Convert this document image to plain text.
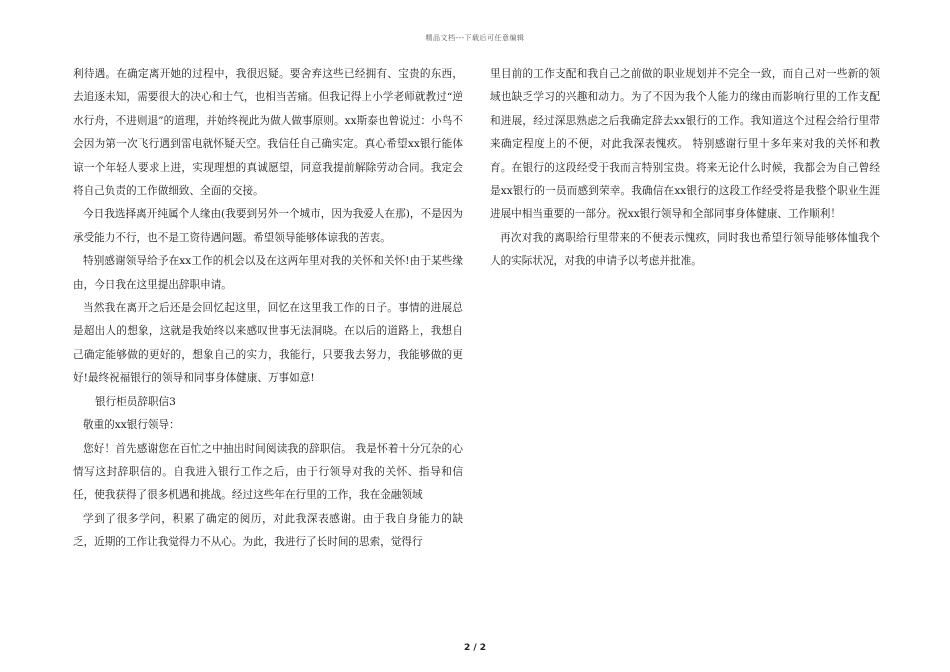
精品文档---下载后可任意编辑

利待遇。在确定离开她的过程中，我很迟疑。要舍弃这些已经拥有、宝贵的东西，去追逐未知，需要很大的决心和士气，也相当苦痛。但我记得上小学老师就教过“逆水行舟，不进则退”的道理，并始终视此为做人做事原则。xx斯泰也曾说过：小鸟不会因为第一次飞行遇到雷电就怀疑天空。我信任自己确实定。真心希望xx银行能体谅一个年轻人要求上进，实现理想的真诚愿望，同意我提前解除劳动合同。我定会将自己负责的工作做细致、全面的交接。

今日我选择离开纯属个人缘由(我要到另外一个城市，因为我爱人在那)，不是因为承受能力不行，也不是工资待遇问题。希望领导能够体谅我的苦衷。

特别感谢领导给予在xx工作的机会以及在这两年里对我的关怀和关怀!由于某些缘由，今日我在这里提出辞职申请。

当然我在离开之后还是会回忆起这里，回忆在这里我工作的日子。事情的进展总是超出人的想象，这就是我始终以来感叹世事无法洞晓。在以后的道路上，我想自己确定能够做的更好的，想象自己的实力，我能行，只要我去努力，我能够做的更好!最终祝福银行的领导和同事身体健康、万事如意!

银行柜员辞职信3

敬重的xx银行领导：

您好！首先感谢您在百忙之中抽出时间阅读我的辞职信。 我是怀着十分冗杂的心情写这封辞职信的。自我进入银行工作之后，由于行领导对我的关怀、指导和信任，使我获得了很多机遇和挑战。经过这些年在行里的工作，我在金融领域

学到了很多学问，积累了确定的阅历，对此我深表感谢。由于我自身能力的缺乏，近期的工作让我觉得力不从心。为此，我进行了长时间的思索，觉得行

里目前的工作支配和我自己之前做的职业规划并不完全一致，而自己对一些新的领域也缺乏学习的兴趣和动力。为了不因为我个人能力的缘由而影响行里的工作支配和进展，经过深思熟虑之后我确定辞去xx银行的工作。我知道这个过程会给行里带来确定程度上的不便，对此我深表愧疚。 特别感谢行里十多年来对我的关怀和教育。在银行的这段经受于我而言特别宝贵。将来无论什么时候，我都会为自己曾经是xx银行的一员而感到荣幸。我确信在xx银行的这段工作经受将是我整个职业生涯进展中相当重要的一部分。祝xx银行领导和全部同事身体健康、工作顺利！

再次对我的离职给行里带来的不便表示愧疚，同时我也希望行领导能够体恤我个人的实际状况，对我的申请予以考虑并批准。

2 / 2
